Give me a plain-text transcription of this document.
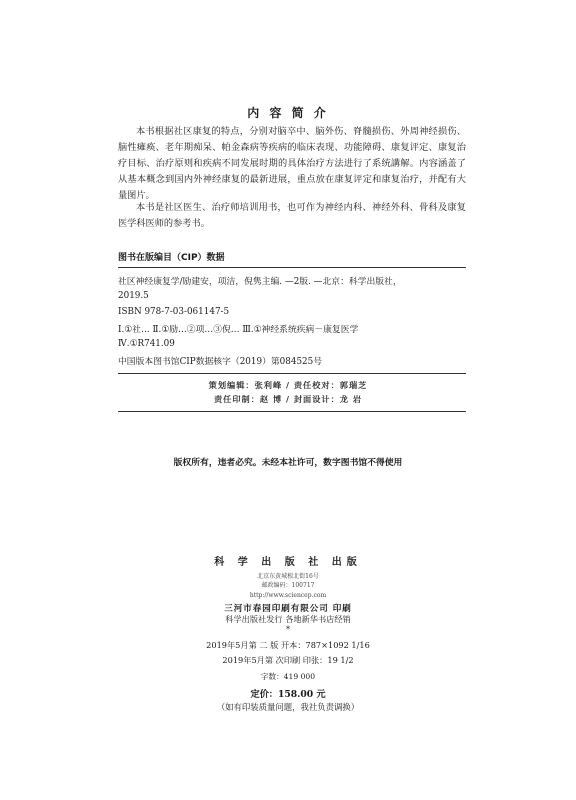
内 容 简 介
本书根据社区康复的特点，分别对脑卒中、脑外伤、脊髓损伤、外周神经损伤、脑性瘫痪、老年期痴呆、帕金森病等疾病的临床表现、功能障碍、康复评定、康复治疗目标、治疗原则和疾病不同发展时期的具体治疗方法进行了系统講解。内容涵盖了从基本概念到国内外神经康复的最新进展，重点放在康复评定和康复治疗，并配有大量图片。
本书是社区医生、治疗师培训用书，也可作为神经内科、神经外科、骨科及康复医学科医师的参考书。
图书在版编目（CIP）数据
社区神经康复学/励建安，项洁，倪隽主编. —2版. —北京：科学出版社，
2019.5
ISBN 978-7-03-061147-5
Ⅰ.①社… Ⅱ.①励…②项…③倪… Ⅲ.①神经系统疾病－康复医学
Ⅳ.①R741.09
中国版本图书馆CIP数据核字（2019）第084525号
策划编辑：张利峰 / 责任校对：郭瑞芝
责任印制：赵 博 / 封面设计：龙 岩
版权所有，违者必究。未经本社许可，数字图书馆不得使用
科 学 出 版 社 出版
北京东黄城根北街16号
邮政编码：100717
http://www.sciencep.com
三河市春园印刷有限公司 印刷
科学出版社发行 各地新华书店经销
*
2019年5月第 二 版 开本：787×1092 1/16
2019年5月第 次印刷 印张：19 1/2
字数：419 000
定价：158.00 元
（如有印装质量问题，我社负责调换）
